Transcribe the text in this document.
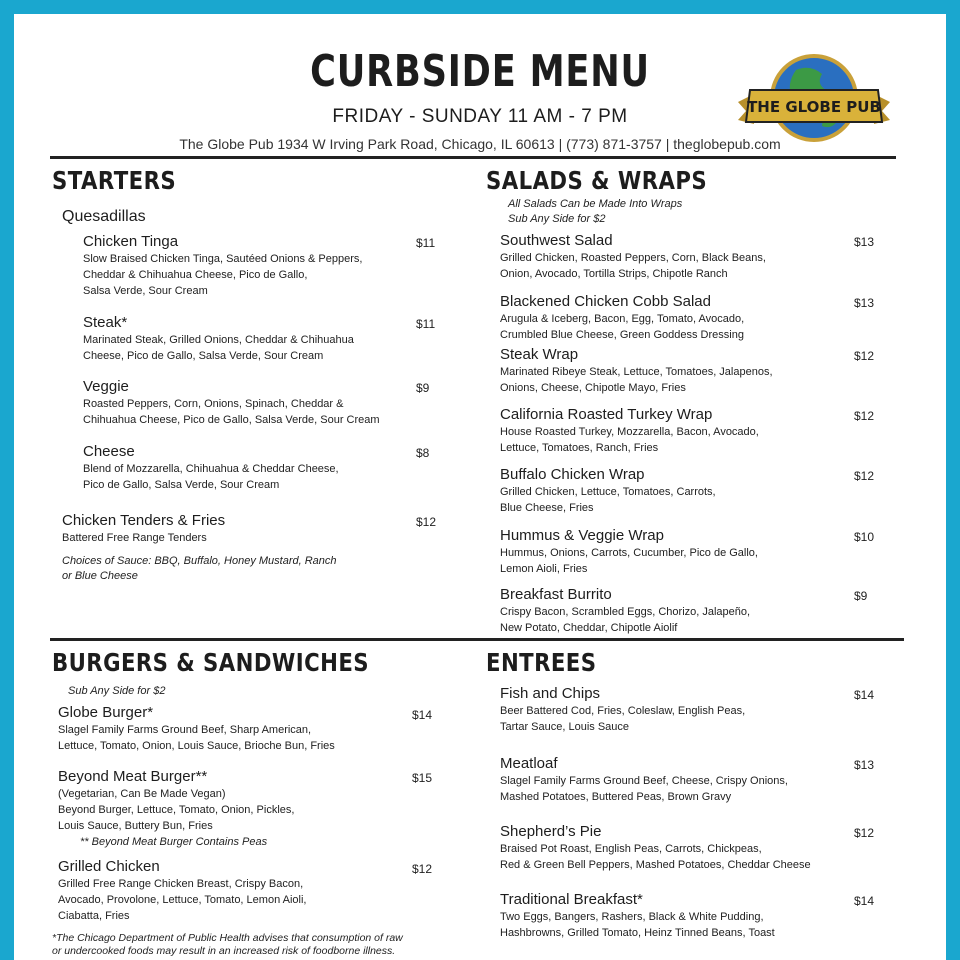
CURBSIDE MENU
FRIDAY - SUNDAY 11 AM - 7 PM
The Globe Pub 1934 W Irving Park Road, Chicago, IL 60613 | (773) 871-3757 | theglobepub.com
THE GLOBE PUB
STARTERS
Quesadillas
Chicken Tinga
Slow Braised Chicken Tinga, Sautéed Onions & Peppers,
Cheddar & Chihuahua Cheese, Pico de Gallo,
Salsa Verde, Sour Cream
$11
Steak*
Marinated Steak, Grilled Onions, Cheddar & Chihuahua
Cheese, Pico de Gallo, Salsa Verde, Sour Cream
$11
Veggie
Roasted Peppers, Corn, Onions, Spinach, Cheddar &
Chihuahua Cheese, Pico de Gallo, Salsa Verde, Sour Cream
$9
Cheese
Blend of Mozzarella, Chihuahua & Cheddar Cheese,
Pico de Gallo, Salsa Verde, Sour Cream
$8
Chicken Tenders & Fries
Battered Free Range Tenders
$12
Choices of Sauce: BBQ, Buffalo, Honey Mustard, Ranch
or Blue Cheese
SALADS & WRAPS
All Salads Can be Made Into Wraps
Sub Any Side for $2
Southwest Salad
Grilled Chicken, Roasted Peppers, Corn, Black Beans,
Onion, Avocado, Tortilla Strips, Chipotle Ranch
$13
Blackened Chicken Cobb Salad
Arugula & Iceberg, Bacon, Egg, Tomato, Avocado,
Crumbled Blue Cheese, Green Goddess Dressing
$13
Steak Wrap
Marinated Ribeye Steak, Lettuce, Tomatoes, Jalapenos,
Onions, Cheese, Chipotle Mayo, Fries
$12
California Roasted Turkey Wrap
House Roasted Turkey, Mozzarella, Bacon, Avocado,
Lettuce, Tomatoes, Ranch, Fries
$12
Buffalo Chicken Wrap
Grilled Chicken, Lettuce, Tomatoes, Carrots,
Blue Cheese, Fries
$12
Hummus & Veggie Wrap
Hummus, Onions, Carrots, Cucumber, Pico de Gallo,
Lemon Aioli, Fries
$10
Breakfast Burrito
Crispy Bacon, Scrambled Eggs, Chorizo, Jalapeño,
New Potato, Cheddar, Chipotle Aiolif
$9
BURGERS & SANDWICHES
Sub Any Side for $2
Globe Burger*
Slagel Family Farms Ground Beef, Sharp American,
Lettuce, Tomato, Onion, Louis Sauce, Brioche Bun, Fries
$14
Beyond Meat Burger**
(Vegetarian, Can Be Made Vegan)
Beyond Burger, Lettuce, Tomato, Onion, Pickles,
Louis Sauce, Buttery Bun, Fries
** Beyond Meat Burger Contains Peas
$15
Grilled Chicken
Grilled Free Range Chicken Breast, Crispy Bacon,
Avocado, Provolone, Lettuce, Tomato, Lemon Aioli,
Ciabatta, Fries
$12
*The Chicago Department of Public Health advises that consumption of raw
or undercooked foods may result in an increased risk of foodborne illness.
ENTREES
Fish and Chips
Beer Battered Cod, Fries, Coleslaw, English Peas,
Tartar Sauce, Louis Sauce
$14
Meatloaf
Slagel Family Farms Ground Beef, Cheese, Crispy Onions,
Mashed Potatoes, Buttered Peas, Brown Gravy
$13
Shepherd’s Pie
Braised Pot Roast, English Peas, Carrots, Chickpeas,
Red & Green Bell Peppers, Mashed Potatoes, Cheddar Cheese
$12
Traditional Breakfast*
Two Eggs, Bangers, Rashers, Black & White Pudding,
Hashbrowns, Grilled Tomato, Heinz Tinned Beans, Toast
$14
